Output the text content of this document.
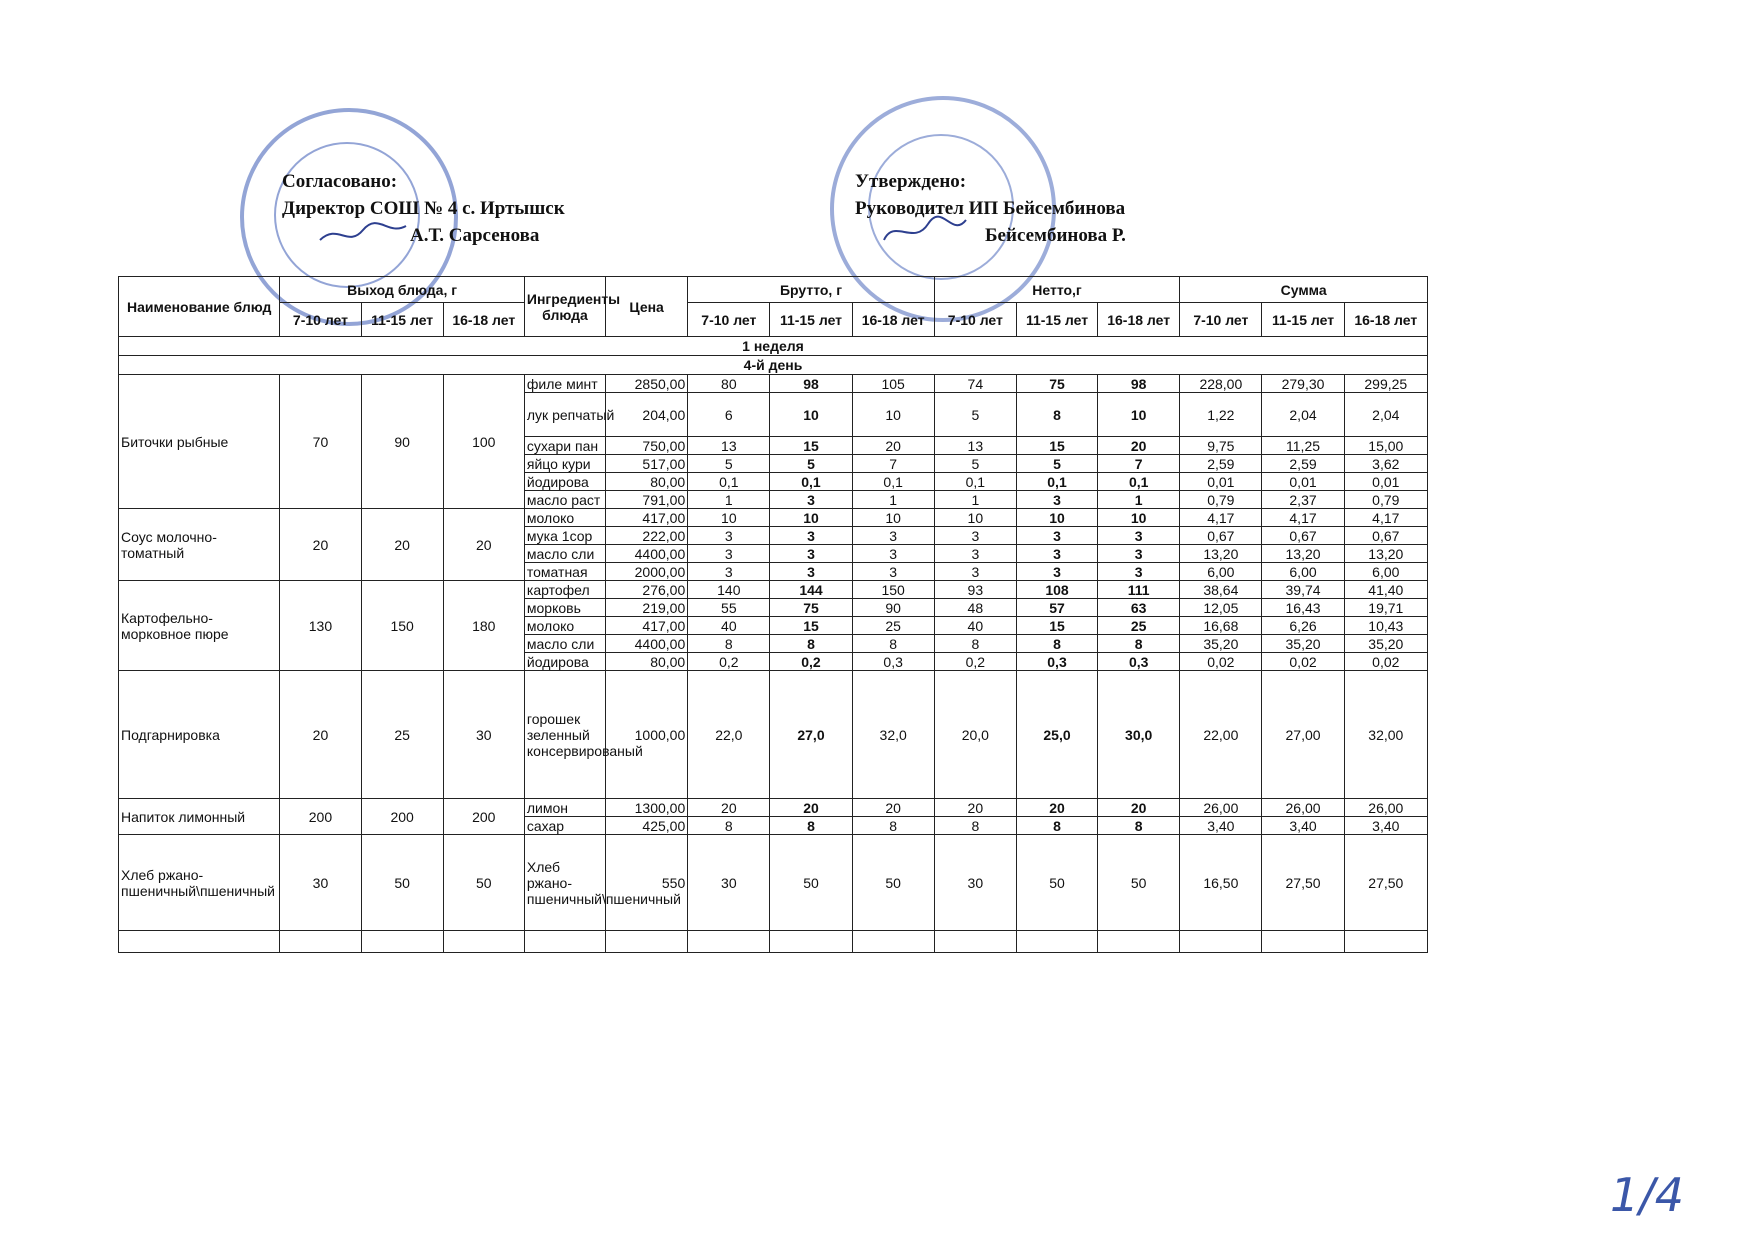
Согласовано:
Директор СОШ № 4 с. Иртышск
А.Т. Сарсенова
Утверждено:
Руководител ИП Бейсембинова
Бейсембинова Р.
Наименование блюд	Выход блюда, г			Ингредиенты блюда	Цена	Брутто, г			Нетто,г			Сумма		
	7-10 лет	11-15 лет	16-18 лет			7-10 лет	11-15 лет	16-18 лет	7-10 лет	11-15 лет	16-18 лет	7-10 лет	11-15 лет	16-18 лет
1 неделя														
4-й день														
Биточки рыбные	70	90	100	филе минт	2850,00	80	98	105	74	75	98	228,00	279,30	299,25
				лук репчатый	204,00	6	10	10	5	8	10	1,22	2,04	2,04
				сухари пан	750,00	13	15	20	13	15	20	9,75	11,25	15,00
				яйцо кури	517,00	5	5	7	5	5	7	2,59	2,59	3,62
				йодирова	80,00	0,1	0,1	0,1	0,1	0,1	0,1	0,01	0,01	0,01
				масло раст	791,00	1	3	1	1	3	1	0,79	2,37	0,79
Соус молочно-томатный	20	20	20	молоко	417,00	10	10	10	10	10	10	4,17	4,17	4,17
				мука 1сор	222,00	3	3	3	3	3	3	0,67	0,67	0,67
				масло сли	4400,00	3	3	3	3	3	3	13,20	13,20	13,20
				томатная	2000,00	3	3	3	3	3	3	6,00	6,00	6,00
Картофельно-морковное пюре	130	150	180	картофел	276,00	140	144	150	93	108	111	38,64	39,74	41,40
				морковь	219,00	55	75	90	48	57	63	12,05	16,43	19,71
				молоко	417,00	40	15	25	40	15	25	16,68	6,26	10,43
				масло сли	4400,00	8	8	8	8	8	8	35,20	35,20	35,20
				йодирова	80,00	0,2	0,2	0,3	0,2	0,3	0,3	0,02	0,02	0,02
Подгарнировка	20	25	30	горошек зеленный консервированый	1000,00	22,0	27,0	32,0	20,0	25,0	30,0	22,00	27,00	32,00
Напиток лимонный	200	200	200	лимон	1300,00	20	20	20	20	20	20	26,00	26,00	26,00
				сахар	425,00	8	8	8	8	8	8	3,40	3,40	3,40
Хлеб ржано-пшеничный\пшеничный	30	50	50	Хлеб ржано-пшеничный\пшеничный	550	30	50	50	30	50	50	16,50	27,50	27,50

1/4
